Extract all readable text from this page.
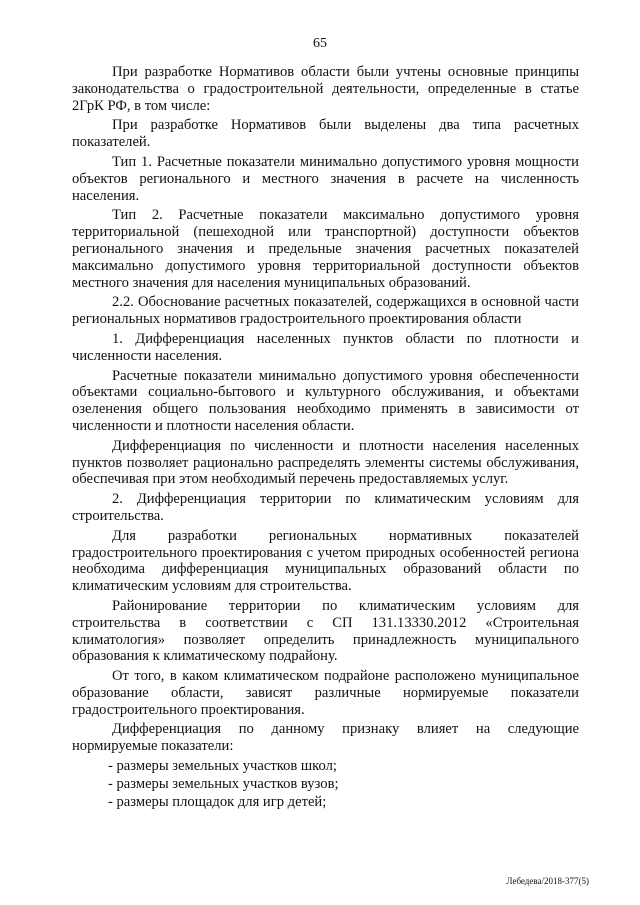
65

При разработке Нормативов области были учтены основные принципы законодательства о градостроительной деятельности, определенные в статье 2ГрК РФ, в том числе:

При разработке Нормативов были выделены два типа расчетных показателей.

Тип 1. Расчетные показатели минимально допустимого уровня мощности объектов регионального и местного значения в расчете на численность населения.

Тип 2. Расчетные показатели максимально допустимого уровня территориальной (пешеходной или транспортной) доступности объектов регионального значения и предельные значения расчетных показателей максимально допустимого уровня территориальной доступности объектов местного значения для населения муниципальных образований.

2.2. Обоснование расчетных показателей, содержащихся в основной части региональных нормативов градостроительного проектирования области

1. Дифференциация населенных пунктов области по плотности и численности населения.

Расчетные показатели минимально допустимого уровня обеспеченности объектами социально-бытового и культурного обслуживания, и объектами озеленения общего пользования необходимо применять в зависимости от численности и плотности населения области.

Дифференциация по численности и плотности населения населенных пунктов позволяет рационально распределять элементы системы обслуживания, обеспечивая при этом необходимый перечень предоставляемых услуг.

2. Дифференциация территории по климатическим условиям для строительства.

Для разработки региональных нормативных показателей градостроительного проектирования с учетом природных особенностей региона необходима дифференциация муниципальных образований области по климатическим условиям для строительства.

Районирование территории по климатическим условиям для строительства в соответствии с СП 131.13330.2012 «Строительная климатология» позволяет определить принадлежность муниципального образования к климатическому подрайону.

От того, в каком климатическом подрайоне расположено муниципальное образование области, зависят различные нормируемые показатели градостроительного проектирования.

Дифференциация по данному признаку влияет на следующие нормируемые показатели:

- размеры земельных участков школ;

- размеры земельных участков вузов;

- размеры площадок для игр детей;

Лебедева/2018-377(5)
